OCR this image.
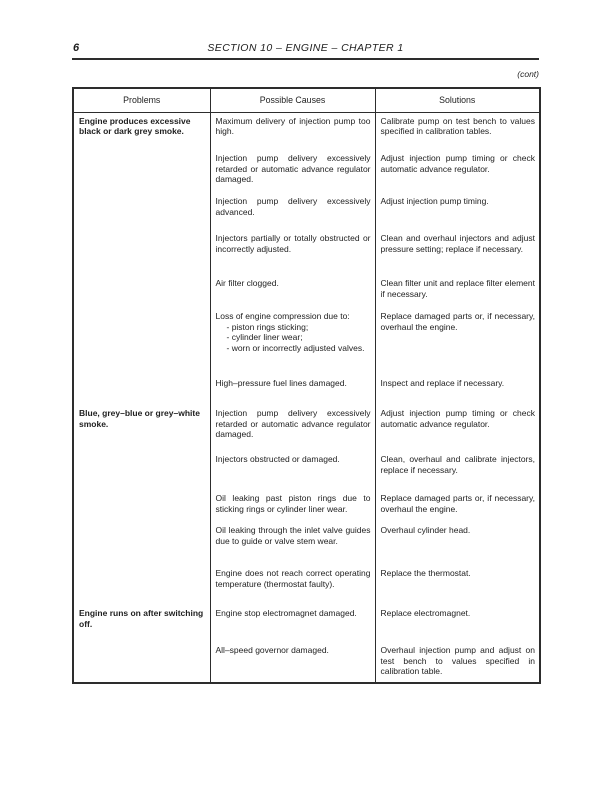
6	SECTION 10 – ENGINE – CHAPTER 1
(cont)
Problems	Possible Causes	Solutions
Engine produces excessive black or dark grey smoke.	Maximum delivery of injection pump too high.	Calibrate pump on test bench to values specified in calibration tables.

	Injection pump delivery excessively retarded or automatic advance regulator damaged.	Adjust injection pump timing or check automatic advance regulator.

	Injection pump delivery excessively advanced.	Adjust injection pump timing.

	Injectors partially or totally obstructed or incorrectly adjusted.	Clean and overhaul injectors and adjust pressure setting; replace if necessary.

	Air filter clogged.	Clean filter unit and replace filter element if necessary.

	Loss of engine compression due to:
- piston rings sticking;
- cylinder liner wear;
- worn or incorrectly adjusted valves.	Replace damaged parts or, if necessary, overhaul the engine.

	High–pressure fuel lines damaged.	Inspect and replace if necessary.
Blue, grey–blue or grey–white smoke.	Injection pump delivery excessively retarded or automatic advance regulator damaged.	Adjust injection pump timing or check automatic advance regulator.

	Injectors obstructed or damaged.	Clean, overhaul and calibrate injectors, replace if necessary.

	Oil leaking past piston rings due to sticking rings or cylinder liner wear.	Replace damaged parts or, if necessary, overhaul the engine.

	Oil leaking through the inlet valve guides due to guide or valve stem wear.	Overhaul cylinder head.

	Engine does not reach correct operating temperature (thermostat faulty).	Replace the thermostat.
Engine runs on after switching off.	Engine stop electromagnet damaged.	Replace electromagnet.

	All–speed governor damaged.	Overhaul injection pump and adjust on test bench to values specified in calibration table.
